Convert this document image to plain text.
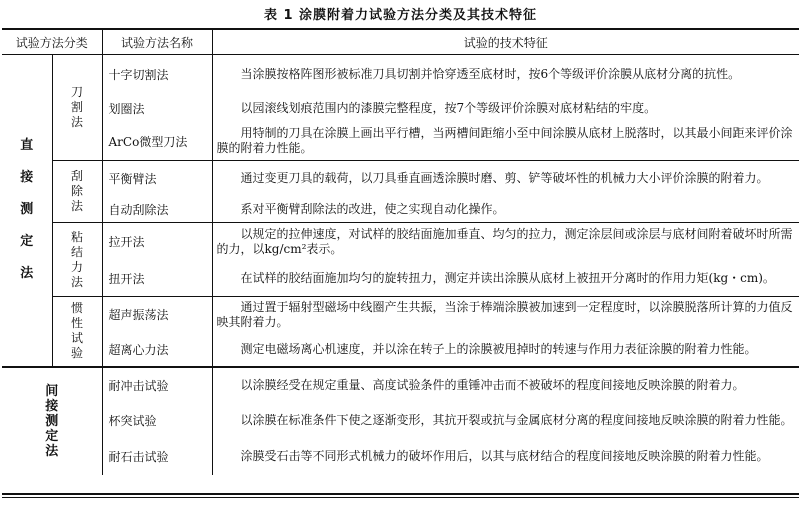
表 1 涂膜附着力试验方法分类及其技术特征
试验方法分类		试验方法名称	试验的技术特征
直接测定法	刀割法	十字切割法	当涂膜按格阵图形被标准刀具切割并恰穿透至底材时，按6个等级评价涂膜从底材分离的抗性。
		划圈法	以园滚线划痕范围内的漆膜完整程度，按7个等级评价涂膜对底材粘结的牢度。
		ArCo微型刀法	用特制的刀具在涂膜上画出平行槽，当两槽间距缩小至中间涂膜从底材上脱落时，以其最小间距来评价涂膜的附着力性能。
	刮除法	平衡臂法	通过变更刀具的载荷，以刀具垂直画透涂膜时磨、剪、铲等破坏性的机械力大小评价涂膜的附着力。
		自动刮除法	系对平衡臂刮除法的改进，使之实现自动化操作。
	粘结力法	拉开法	以规定的拉伸速度，对试样的胶结面施加垂直、均匀的拉力，测定涂层间或涂层与底材间附着破坏时所需的力，以kg/cm²表示。
		扭开法	在试样的胶结面施加均匀的旋转扭力，测定并读出涂膜从底材上被扭开分离时的作用力矩(kg・cm)。
	惯性试验	超声振荡法	通过置于辐射型磁场中线圈产生共振，当涂于棒端涂膜被加速到一定程度时，以涂膜脱落所计算的力值反映其附着力。
		超离心力法	测定电磁场离心机速度，并以涂在转子上的涂膜被甩掉时的转速与作用力表征涂膜的附着力性能。
间接测定法		耐冲击试验	以涂膜经受在规定重量、高度试验条件的重锤冲击而不被破坏的程度间接地反映涂膜的附着力。
		杯突试验	以涂膜在标准条件下使之逐渐变形，其抗开裂或抗与金属底材分离的程度间接地反映涂膜的附着力性能。
		耐石击试验	涂膜受石击等不同形式机械力的破坏作用后，以其与底材结合的程度间接地反映涂膜的附着力性能。
